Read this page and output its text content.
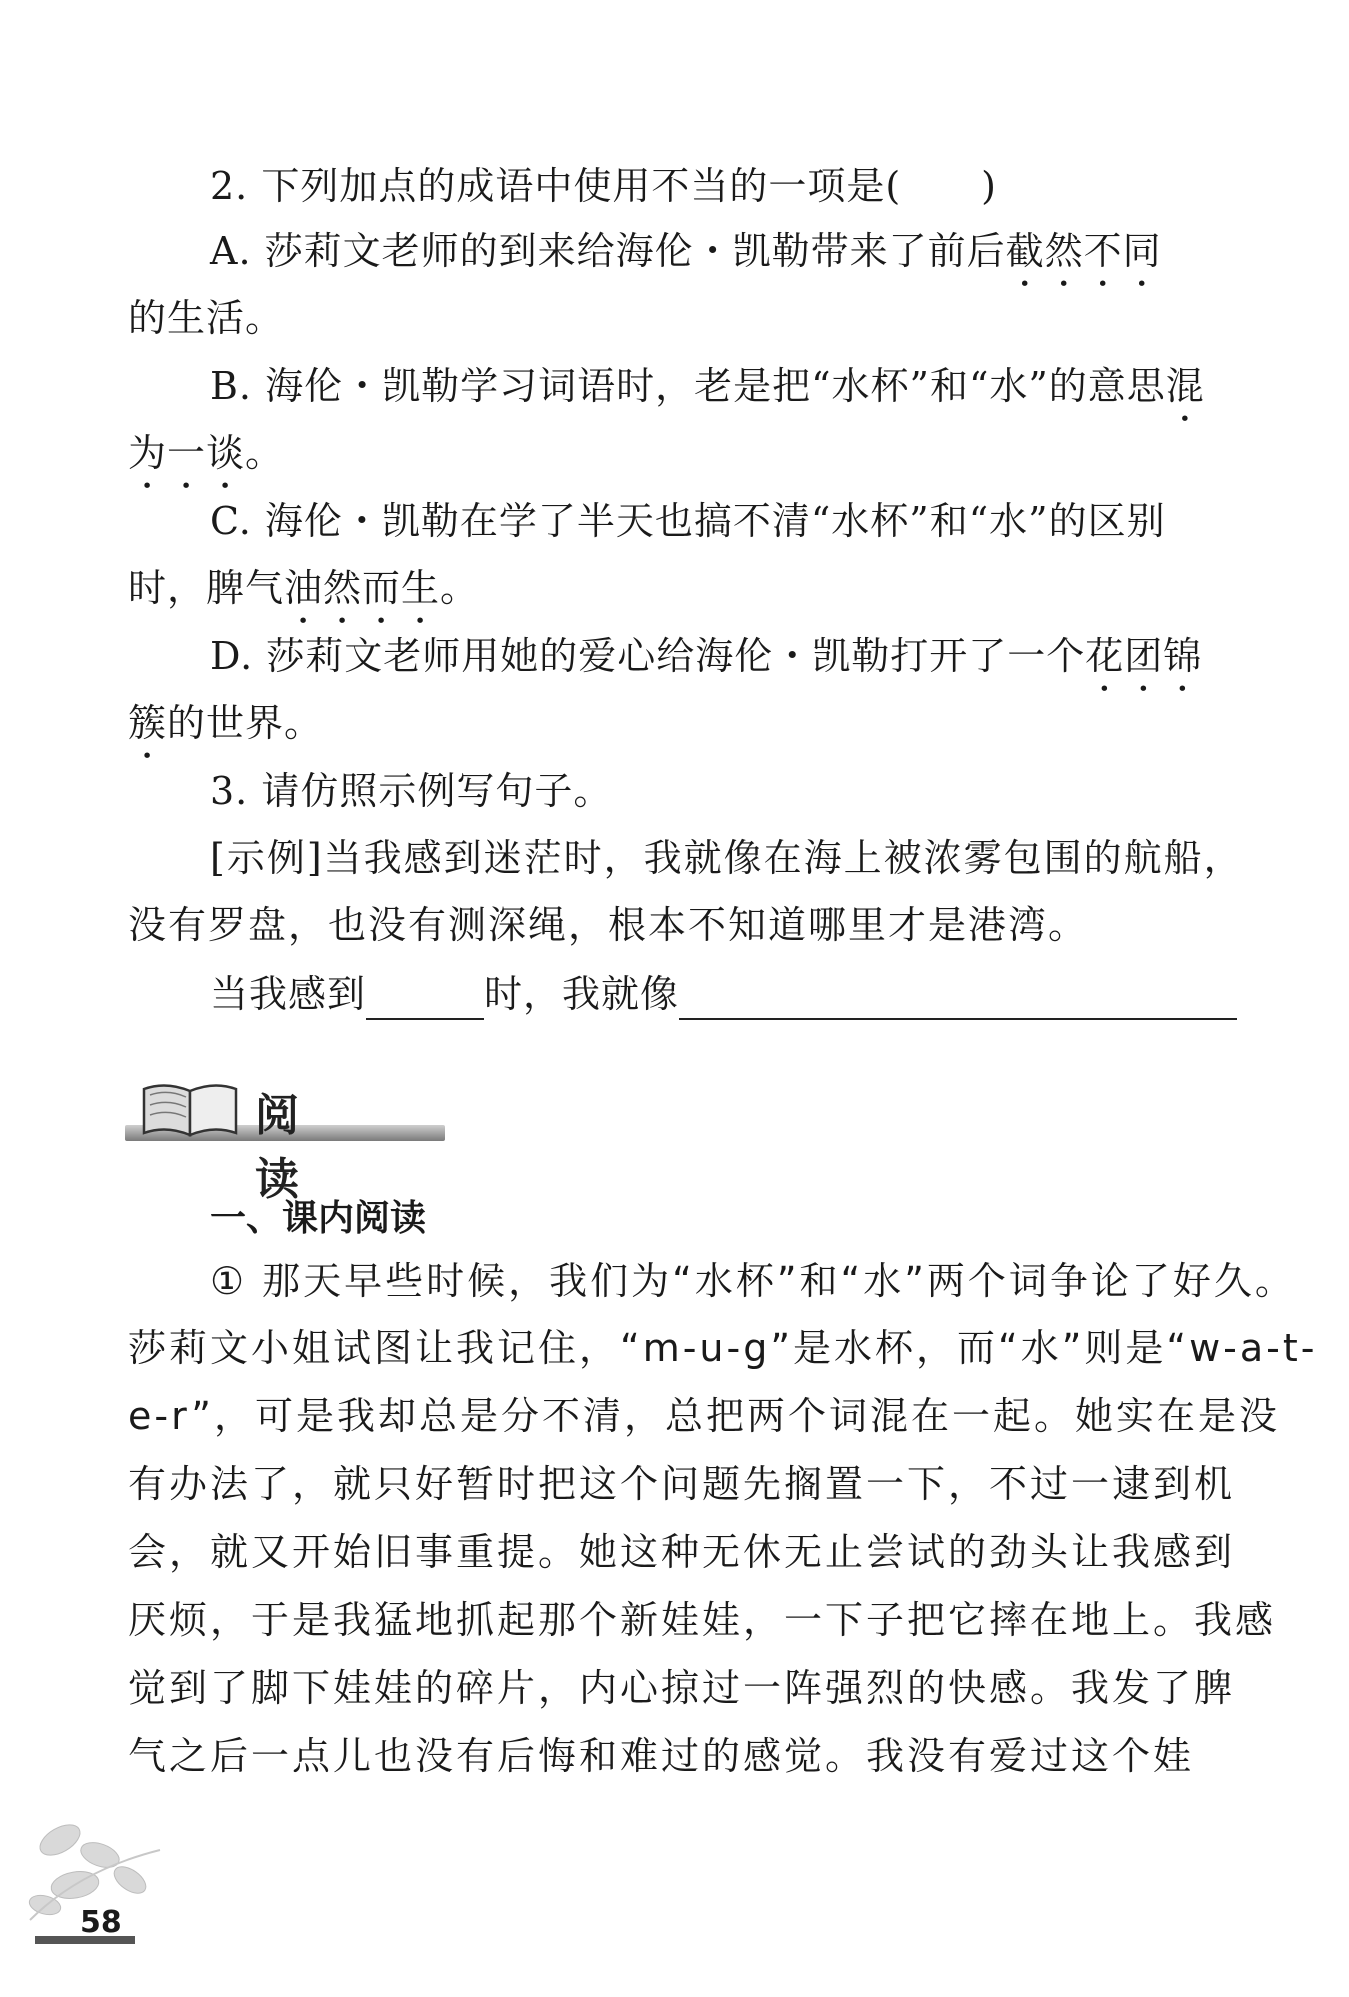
2. 下列加点的成语中使用不当的一项是( )
A. 莎莉文老师的到来给海伦・凯勒带来了前后截然不同
的生活。
B. 海伦・凯勒学习词语时，老是把“水杯”和“水”的意思混
为一谈。
C. 海伦・凯勒在学了半天也搞不清“水杯”和“水”的区别
时，脾气油然而生。
D. 莎莉文老师用她的爱心给海伦・凯勒打开了一个花团锦
簇的世界。
3. 请仿照示例写句子。
[示例]当我感到迷茫时，我就像在海上被浓雾包围的航船，
没有罗盘，也没有测深绳，根本不知道哪里才是港湾。
当我感到	时，我就像
阅 读
一、课内阅读
① 那天早些时候，我们为“水杯”和“水”两个词争论了好久。
莎莉文小姐试图让我记住，“m-u-g”是水杯，而“水”则是“w-a-t-
e-r”，可是我却总是分不清，总把两个词混在一起。她实在是没
有办法了，就只好暂时把这个问题先搁置一下，不过一逮到机
会，就又开始旧事重提。她这种无休无止尝试的劲头让我感到
厌烦，于是我猛地抓起那个新娃娃，一下子把它摔在地上。我感
觉到了脚下娃娃的碎片，内心掠过一阵强烈的快感。我发了脾
气之后一点儿也没有后悔和难过的感觉。我没有爱过这个娃
58
